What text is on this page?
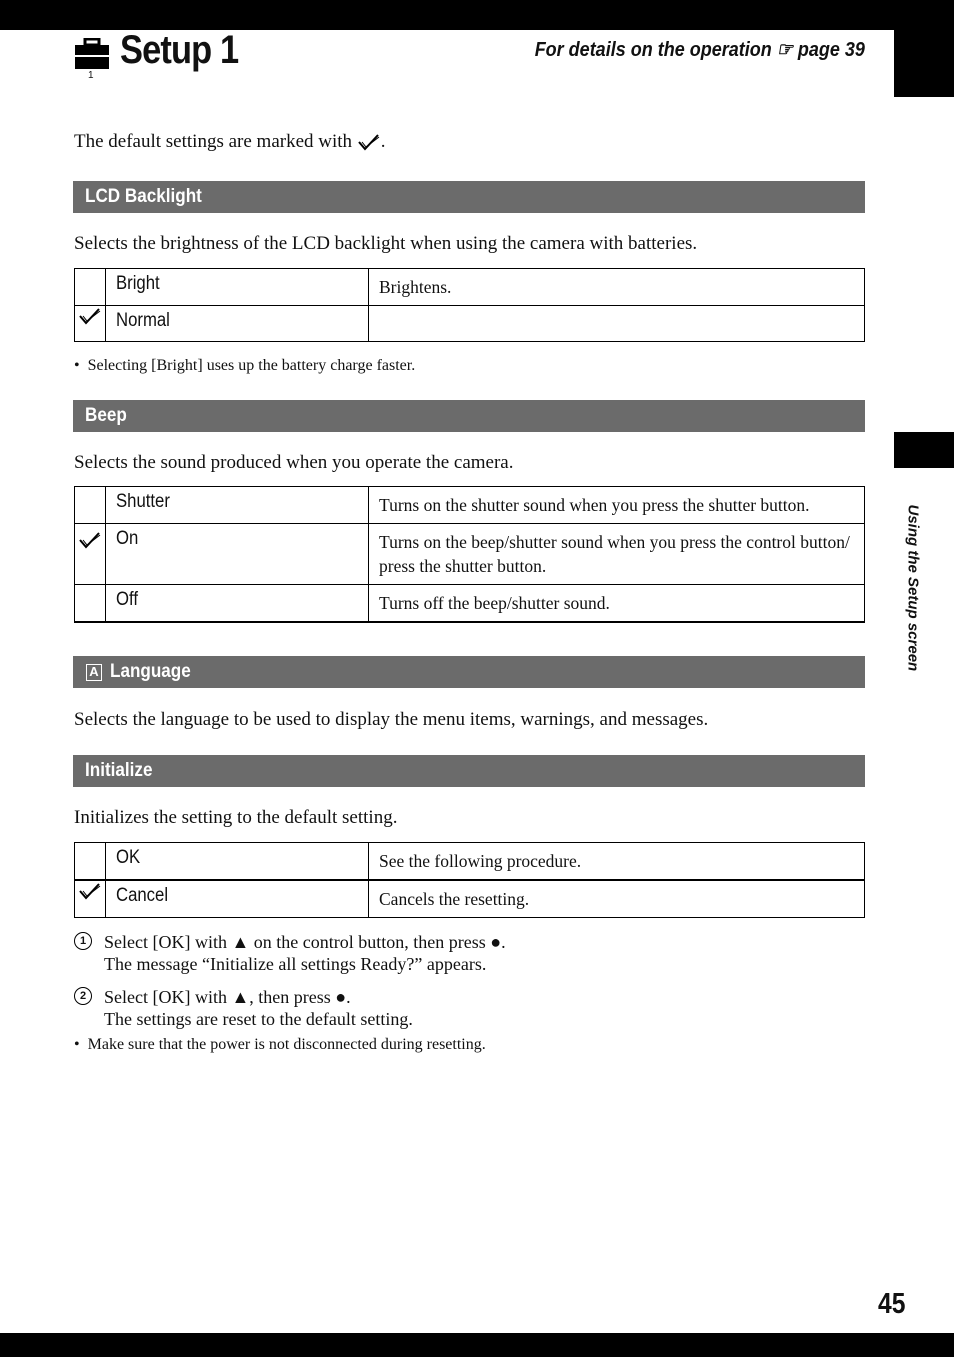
Using the Setup screen
1
Setup 1	For details on the operation ☞ page 39
The default settings are marked with .
LCD Backlight
Selects the brightness of the LCD backlight when using the camera with batteries.
	Bright	Brightens.
	Normal	
•  Selecting [Bright] uses up the battery charge faster.
Beep
Selects the sound produced when you operate the camera.
	Shutter	Turns on the shutter sound when you press the shutter button.
	On	Turns on the beep/shutter sound when you press the control button/ press the shutter button.
	Off	Turns off the beep/shutter sound.
A Language
Selects the language to be used to display the menu items, warnings, and messages.
Initialize
Initializes the setting to the default setting.
	OK	See the following procedure.
	Cancel	Cancels the resetting.
1 Select [OK] with ▲ on the control button, then press ●.
The message “Initialize all settings Ready?” appears.
2 Select [OK] with ▲, then press ●.
The settings are reset to the default setting.
•  Make sure that the power is not disconnected during resetting.
45
